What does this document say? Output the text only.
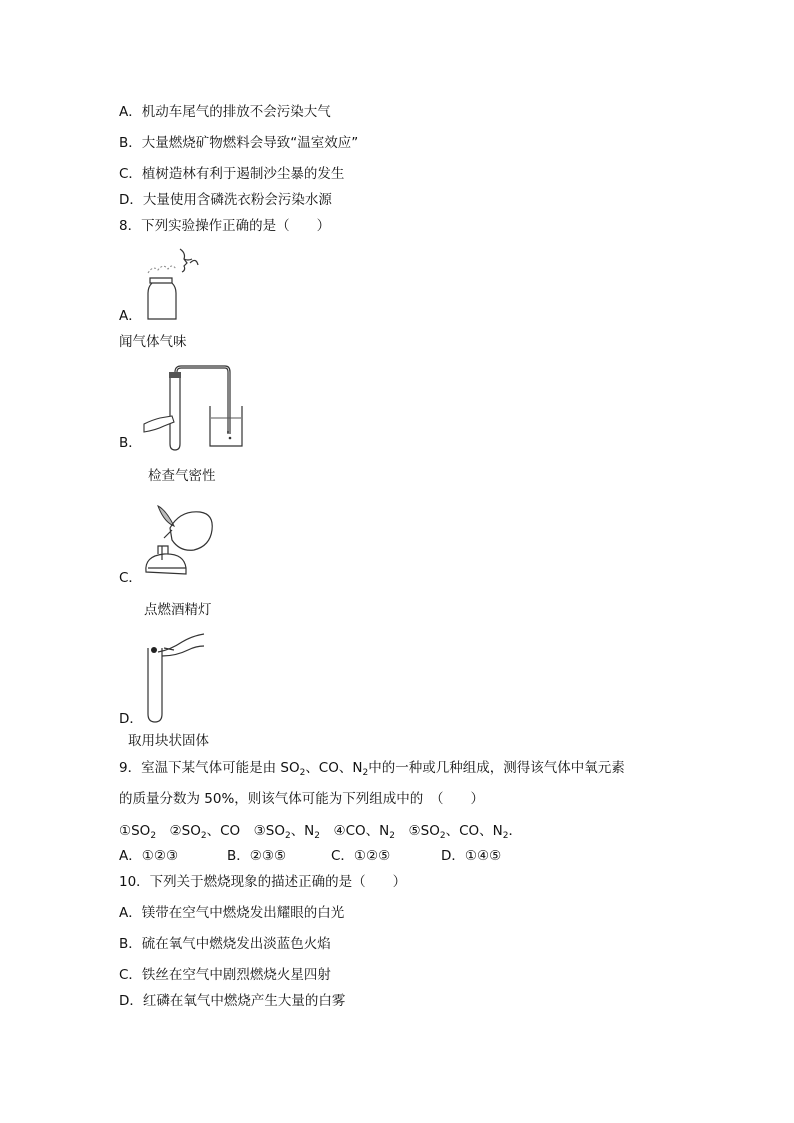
A．机动车尾气的排放不会污染大气
B．大量燃烧矿物燃料会导致“温室效应”
C．植树造林有利于遏制沙尘暴的发生
D．大量使用含磷洗衣粉会污染水源
8．下列实验操作正确的是（　　）
A．
闻气体气味
B．
检查气密性
C．
点燃酒精灯
D．
取用块状固体
9．室温下某气体可能是由 $SO_2$、CO、$N_2$中的一种或几种组成，测得该气体中氧元素
的质量分数为 50%，则该气体可能为下列组成中的　（　　）
$①SO_2$　$②SO_2$、CO　$③SO_2$、$N_2$　④CO、$N_2$　$⑤SO_2$、CO、$N_2$．
A．①②③	B．②③⑤	C．①②⑤	D．①④⑤
10．下列关于燃烧现象的描述正确的是（　　）
A．镁带在空气中燃烧发出耀眼的白光
B．硫在氧气中燃烧发出淡蓝色火焰
C．铁丝在空气中剧烈燃烧火星四射
D．红磷在氧气中燃烧产生大量的白雾
